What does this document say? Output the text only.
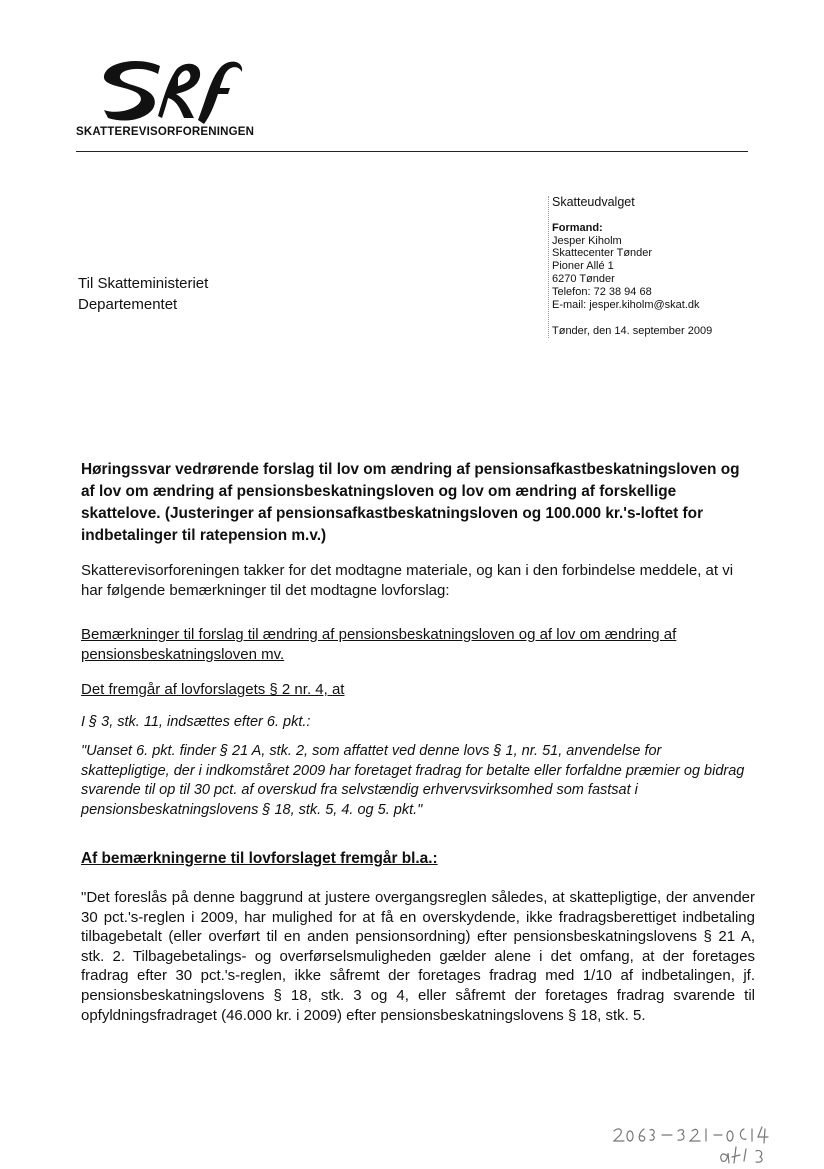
SKATTEREVISORFORENINGEN
Skatteudvalget
Formand:
Jesper Kiholm
Skattecenter Tønder
Pioner Allé 1
6270 Tønder
Telefon: 72 38 94 68
E-mail: jesper.kiholm@skat.dk
Tønder, den 14. september 2009
Til Skatteministeriet
Departementet
Høringssvar vedrørende forslag til lov om ændring af pensionsafkastbeskatningsloven og af lov om ændring af pensionsbeskatningsloven og lov om ændring af forskellige skattelove. (Justeringer af pensionsafkastbeskatningsloven og 100.000 kr.'s-loftet for indbetalinger til ratepension m.v.)
Skatterevisorforeningen takker for det modtagne materiale, og kan i den forbindelse meddele, at vi har følgende bemærkninger til det modtagne lovforslag:
Bemærkninger til forslag til ændring af pensionsbeskatningsloven og af lov om ændring af pensionsbeskatningsloven mv.
Det fremgår af lovforslagets § 2 nr. 4, at
I § 3, stk. 11, indsættes efter 6. pkt.:
"Uanset 6. pkt. finder § 21 A, stk. 2, som affattet ved denne lovs § 1, nr. 51, anvendelse for skattepligtige, der i indkomståret 2009 har foretaget fradrag for betalte eller forfaldne præmier og bidrag svarende til op til 30 pct. af overskud fra selvstændig erhvervsvirksomhed som fastsat i pensionsbeskatningslovens § 18, stk. 5, 4. og 5. pkt."
Af bemærkningerne til lovforslaget fremgår bl.a.:
"Det foreslås på denne baggrund at justere overgangsreglen således, at skattepligtige, der anvender 30 pct.'s-reglen i 2009, har mulighed for at få en overskydende, ikke fradragsberettiget indbetaling tilbagebetalt (eller overført til en anden pensionsordning) efter pensionsbeskatningslovens § 21 A, stk. 2. Tilbagebetalings- og overførselsmuligheden gælder alene i det omfang, at der foretages fradrag efter 30 pct.'s-reglen, ikke såfremt der foretages fradrag med 1/10 af indbetalingen, jf. pensionsbeskatningslovens § 18, stk. 3 og 4, eller såfremt der foretages fradrag svarende til opfyldningsfradraget (46.000 kr. i 2009) efter pensionsbeskatningslovens § 18, stk. 5.
